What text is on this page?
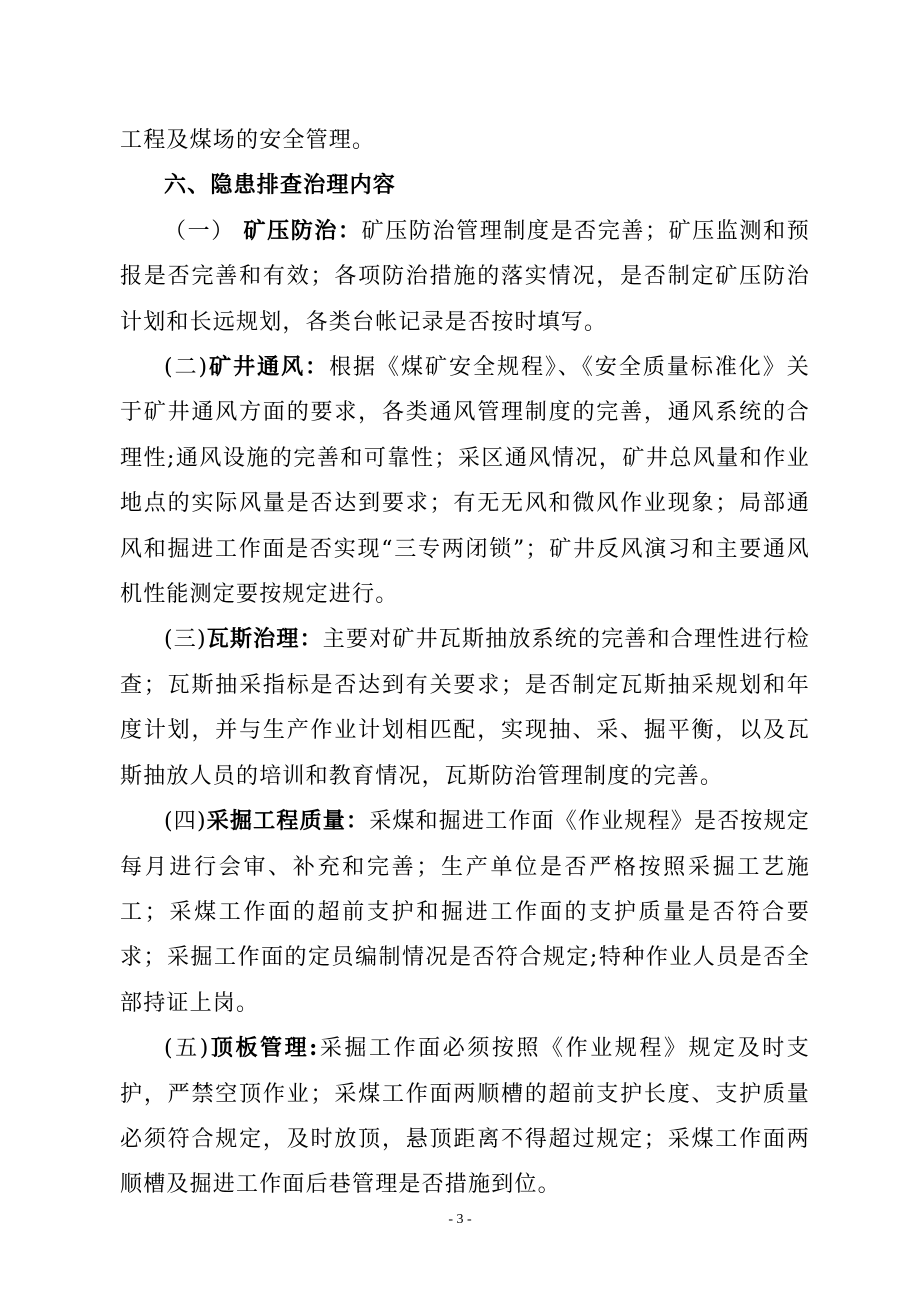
工程及煤场的安全管理。

六、隐患排查治理内容

（一） 矿压防治：矿压防治管理制度是否完善；矿压监测和预报是否完善和有效；各项防治措施的落实情况，是否制定矿压防治计划和长远规划，各类台帐记录是否按时填写。

(二)矿井通风：根据《煤矿安全规程》、《安全质量标准化》关于矿井通风方面的要求，各类通风管理制度的完善，通风系统的合理性;通风设施的完善和可靠性；采区通风情况，矿井总风量和作业地点的实际风量是否达到要求；有无无风和微风作业现象；局部通风和掘进工作面是否实现“三专两闭锁”；矿井反风演习和主要通风机性能测定要按规定进行。

(三)瓦斯治理：主要对矿井瓦斯抽放系统的完善和合理性进行检查；瓦斯抽采指标是否达到有关要求；是否制定瓦斯抽采规划和年度计划，并与生产作业计划相匹配，实现抽、采、掘平衡，以及瓦斯抽放人员的培训和教育情况，瓦斯防治管理制度的完善。

(四)采掘工程质量：采煤和掘进工作面《作业规程》是否按规定每月进行会审、补充和完善；生产单位是否严格按照采掘工艺施工；采煤工作面的超前支护和掘进工作面的支护质量是否符合要求；采掘工作面的定员编制情况是否符合规定;特种作业人员是否全部持证上岗。

(五)顶板管理:采掘工作面必须按照《作业规程》规定及时支护，严禁空顶作业；采煤工作面两顺槽的超前支护长度、支护质量必须符合规定，及时放顶，悬顶距离不得超过规定；采煤工作面两顺槽及掘进工作面后巷管理是否措施到位。

- 3 -
